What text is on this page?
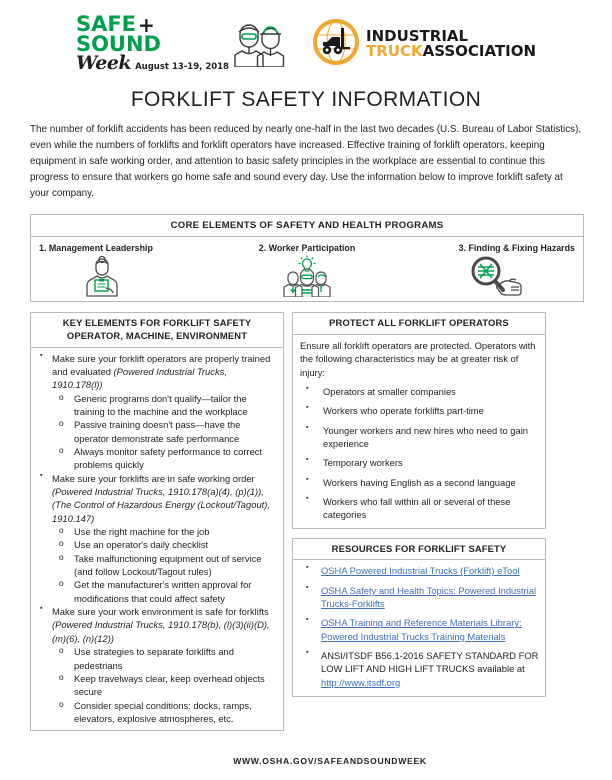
SAFE +
SOUND
Week August 13-19, 2018
INDUSTRIAL
TRUCKASSOCIATION
FORKLIFT SAFETY INFORMATION

The number of forklift accidents has been reduced by nearly one-half in the last two decades (U.S. Bureau of Labor Statistics), even while the numbers of forklifts and forklift operators have increased. Effective training of forklift operators, keeping equipment in safe working order, and attention to basic safety principles in the workplace are essential to continue this progress to ensure that workers go home safe and sound every day. Use the information below to improve forklift safety at your company.

CORE ELEMENTS OF SAFETY AND HEALTH PROGRAMS
1. Management Leadership	2. Worker Participation	3. Finding & Fixing Hazards
KEY ELEMENTS FOR FORKLIFT SAFETY
OPERATOR, MACHINE, ENVIRONMENT
▪ Make sure your forklift operators are properly trained and evaluated (Powered Industrial Trucks, 1910.178(l))
o Generic programs don't qualify—tailor the training to the machine and the workplace
o Passive training doesn't pass—have the operator demonstrate safe performance
o Always monitor safety performance to correct problems quickly
▪ Make sure your forklifts are in safe working order (Powered Industrial Trucks, 1910.178(a)(4), (p)(1)), (The Control of Hazardous Energy (Lockout/Tagout), 1910.147)
o Use the right machine for the job
o Use an operator's daily checklist
o Take malfunctioning equipment out of service (and follow Lockout/Tagout rules)
o Get the manufacturer's written approval for modifications that could affect safety
▪ Make sure your work environment is safe for forklifts (Powered Industrial Trucks, 1910.178(b), (l)(3)(ii)(D), (m)(6), (n)(12))
o Use strategies to separate forklifts and pedestrians
o Keep travelways clear, keep overhead objects secure
o Consider special conditions: docks, ramps, elevators, explosive atmospheres, etc.
PROTECT ALL FORKLIFT OPERATORS
Ensure all forklift operators are protected. Operators with the following characteristics may be at greater risk of injury:
▪ Operators at smaller companies
▪ Workers who operate forklifts part-time
▪ Younger workers and new hires who need to gain experience
▪ Temporary workers
▪ Workers having English as a second language
▪ Workers who fall within all or several of these categories
RESOURCES FOR FORKLIFT SAFETY
▪ OSHA Powered Industrial Trucks (Forklift) eTool
▪ OSHA Safety and Health Topics: Powered Industrial Trucks-Forklifts
▪ OSHA Training and Reference Materials Library: Powered Industrial Trucks Training Materials
▪ ANSI/ITSDF B56.1-2016 SAFETY STANDARD FOR LOW LIFT AND HIGH LIFT TRUCKS available at http://www.itsdf.org
WWW.OSHA.GOV/SAFEANDSOUNDWEEK
